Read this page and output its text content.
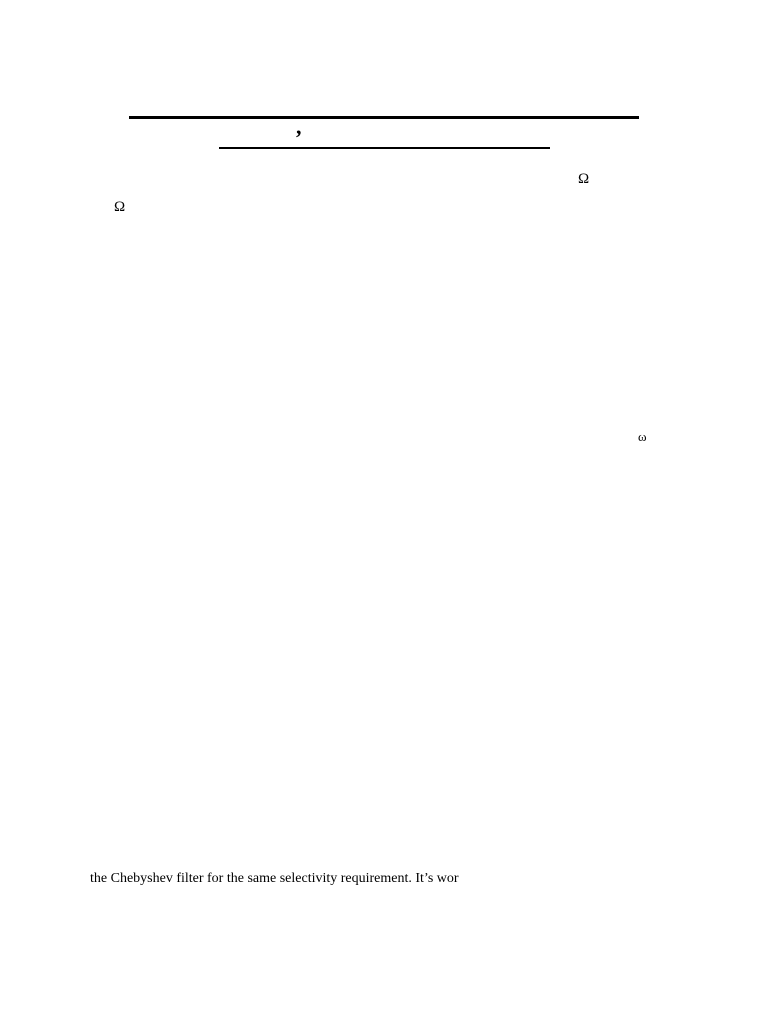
,
Ω
Ω
ω
the Chebyshev filter for the same selectivity requirement. It’s wor
